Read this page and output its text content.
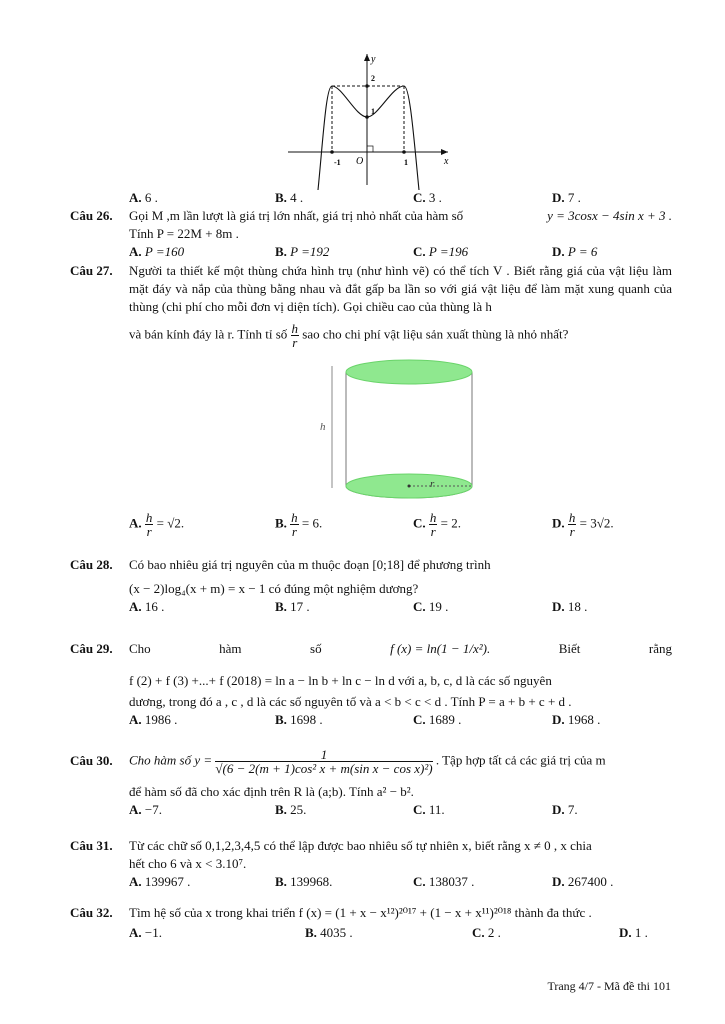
y
x
O
2
1
-1	1
A. 6 .	B. 4 .	C. 3 .	D. 7 .
Câu 26. Gọi M ,m lần lượt là giá trị lớn nhất, giá trị nhỏ nhất của hàm số	y = 3cosx − 4sin x + 3 .
Tính P = 22M + 8m .
A. P =160	B. P =192	C. P =196	D. P = 6
Câu 27. Người ta thiết kế một thùng chứa hình trụ (như hình vẽ) có thể tích V . Biết rằng giá của vật liệu làm mặt đáy và nắp của thùng bằng nhau và đắt gấp ba lần so với giá vật liệu để làm mặt xung quanh của thùng (chi phí cho mỗi đơn vị diện tích). Gọi chiều cao của thùng là h
và bán kính đáy là r. Tính tỉ số $\frac{h}{r}$ sao cho chi phí vật liệu sản xuất thùng là nhỏ nhất?
h
r
A. $\frac{h}{r} = √2$.	B. $\frac{h}{r} = 6$.	C. $\frac{h}{r} = 2$.	D. $\frac{h}{r} = 3√2$.
Câu 28. Có bao nhiêu giá trị nguyên của m thuộc đoạn [0;18] để phương trình
(x − 2)log₄(x + m) = x − 1 có đúng một nghiệm dương?
A. 16 .	B. 17 .	C. 19 .	D. 18 .
Câu 29. Cho	hàm	số	f (x) = ln(1 − 1/x²).	Biết	rằng
f (2) + f (3) +...+ f (2018) = ln a − ln b + ln c − ln d với a, b, c, d là các số nguyên
dương, trong đó a , c , d là các số nguyên tố và a < b < c < d . Tính P = a + b + c + d .
A. 1986 .	B. 1698 .	C. 1689 .	D. 1968 .
Câu 30. Cho hàm số $y = \frac{1}{\text{√(6 − 2(m + 1)cos² x + m(sin x − cos x)²)}}$ . Tập hợp tất cả các giá trị của m
để hàm số đã cho xác định trên R là (a;b). Tính a² − b².
A. −7.	B. 25.	C. 11.	D. 7.
Câu 31. Từ các chữ số 0,1,2,3,4,5 có thể lập được bao nhiêu số tự nhiên x, biết rằng x ≠ 0 , x chia
hết cho 6 và x < 3.10⁷.
A. 139967 .	B. 139968.	C. 138037 .	D. 267400 .
Câu 32. Tìm hệ số của x trong khai triển f (x) = (1 + x − x¹²)²⁰¹⁷ + (1 − x + x¹¹)²⁰¹⁸ thành đa thức .
A. −1.	B. 4035 .	C. 2 .	D. 1 .
Trang 4/7 - Mã đề thi 101
